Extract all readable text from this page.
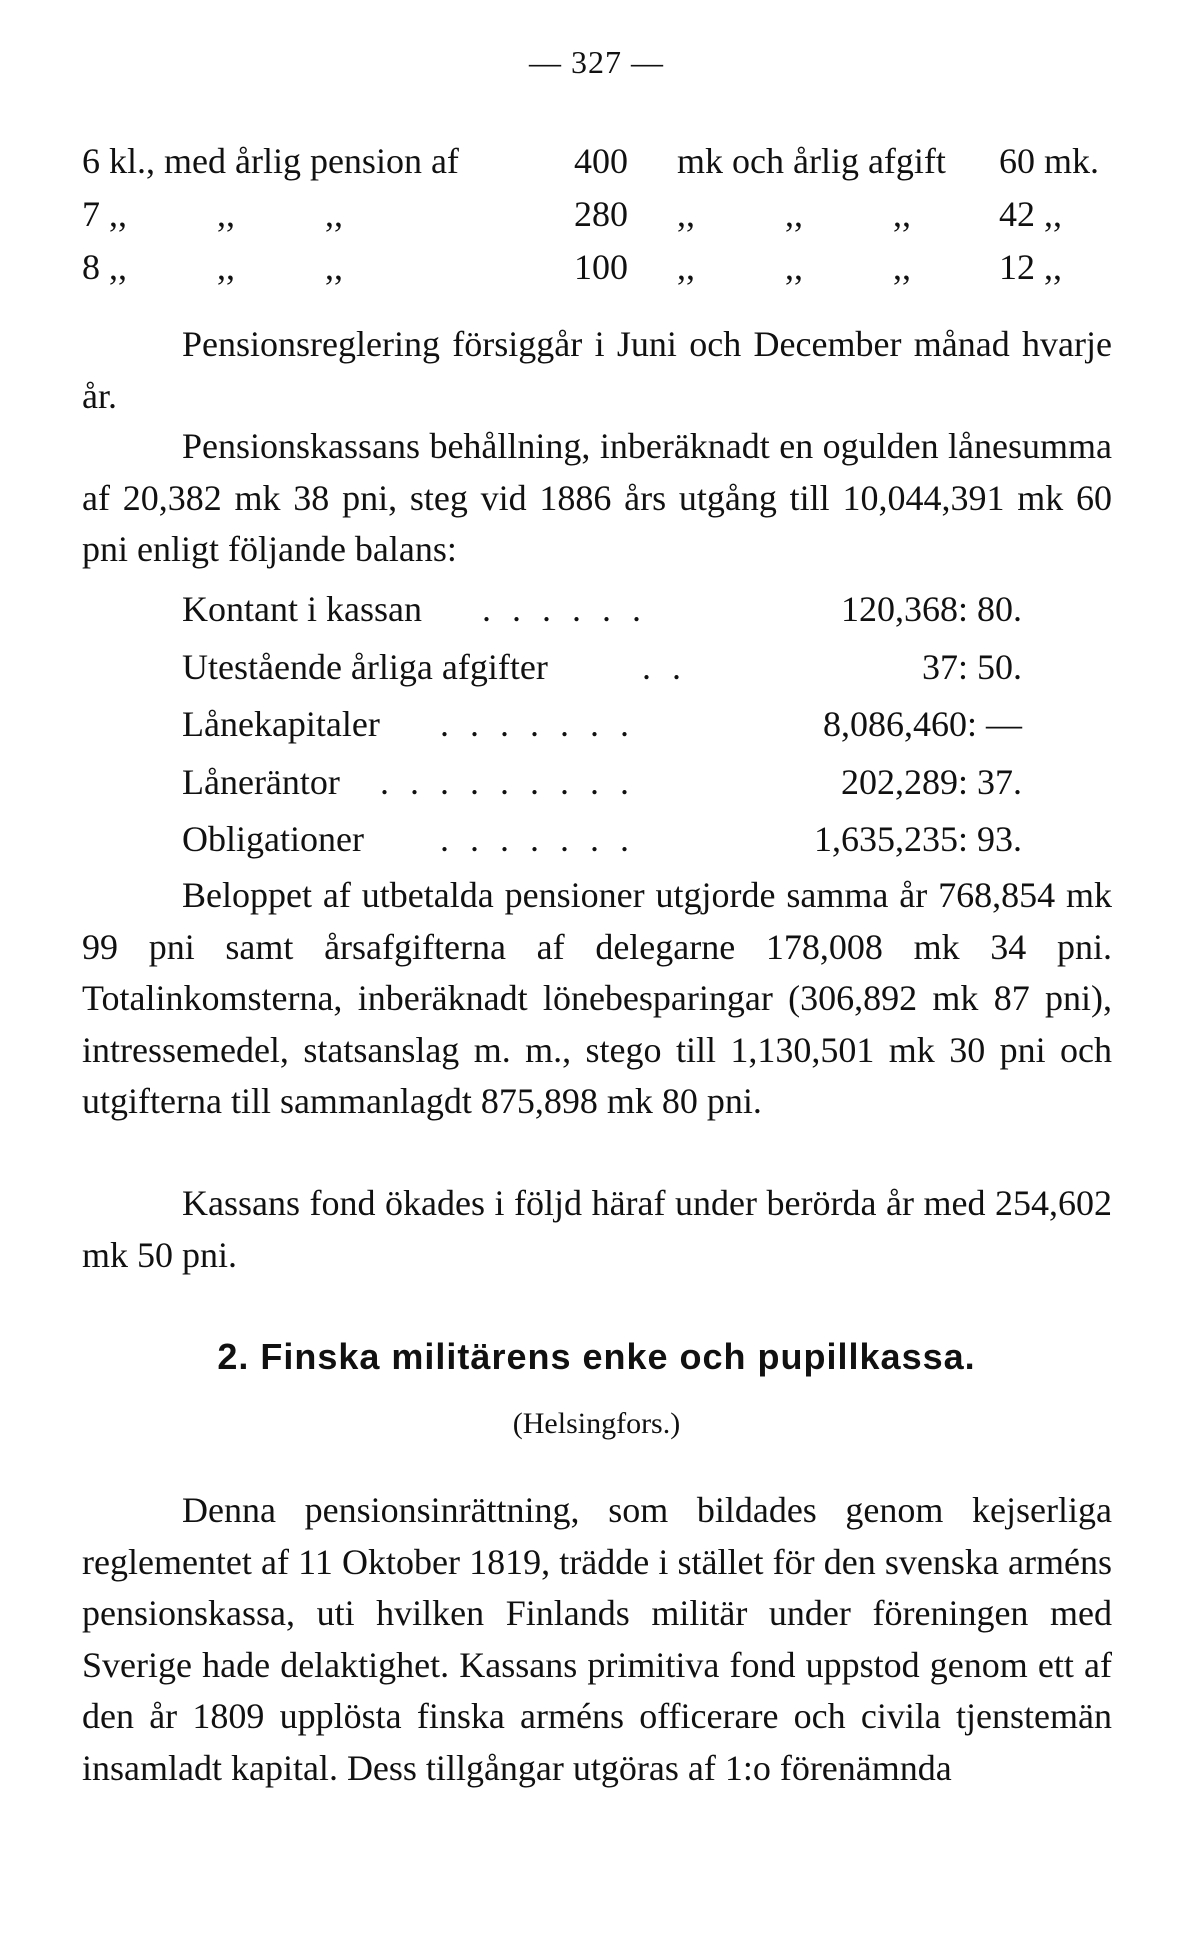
— 327 —
6 kl., med årlig pension af	400 mk och årlig afgift 60 mk.
7 ,,          ,,          ,,	280 ,,          ,,          ,, 42 ,,
8 ,,          ,,          ,,	100 ,,          ,,          ,, 12 ,,

Pensionsreglering försiggår i Juni och December månad hvarje år.

Pensionskassans behållning, inberäknadt en ogulden lånesumma af 20,382 mk 38 pni, steg vid 1886 års utgång till 10,044,391 mk 60 pni enligt följande balans:

Kontant i kassan . . . . . .	120,368: 80.
Utestående årliga afgifter	. .	37: 50.
Lånekapitaler . . . . . . .	8,086,460: —
Låneräntor . . . . . . . . .	202,289: 37.
Obligationer . . . . . . .	1,635,235: 93.

Beloppet af utbetalda pensioner utgjorde samma år 768,854 mk 99 pni samt årsafgifterna af delegarne 178,008 mk 34 pni. Totalinkomsterna, inberäknadt lönebesparingar (306,892 mk 87 pni), intressemedel, statsanslag m. m., stego till 1,130,501 mk 30 pni och utgifterna till sammanlagdt 875,898 mk 80 pni.

Kassans fond ökades i följd häraf under berörda år med 254,602 mk 50 pni.

2. Finska militärens enke och pupillkassa.
(Helsingfors.)

Denna pensionsinrättning, som bildades genom kejserliga reglementet af 11 Oktober 1819, trädde i stället för den svenska arméns pensionskassa, uti hvilken Finlands militär under föreningen med Sverige hade delaktighet. Kassans primitiva fond uppstod genom ett af den år 1809 upplösta finska arméns officerare och civila tjenstemän insamladt kapital. Dess tillgångar utgöras af 1:o förenämnda
